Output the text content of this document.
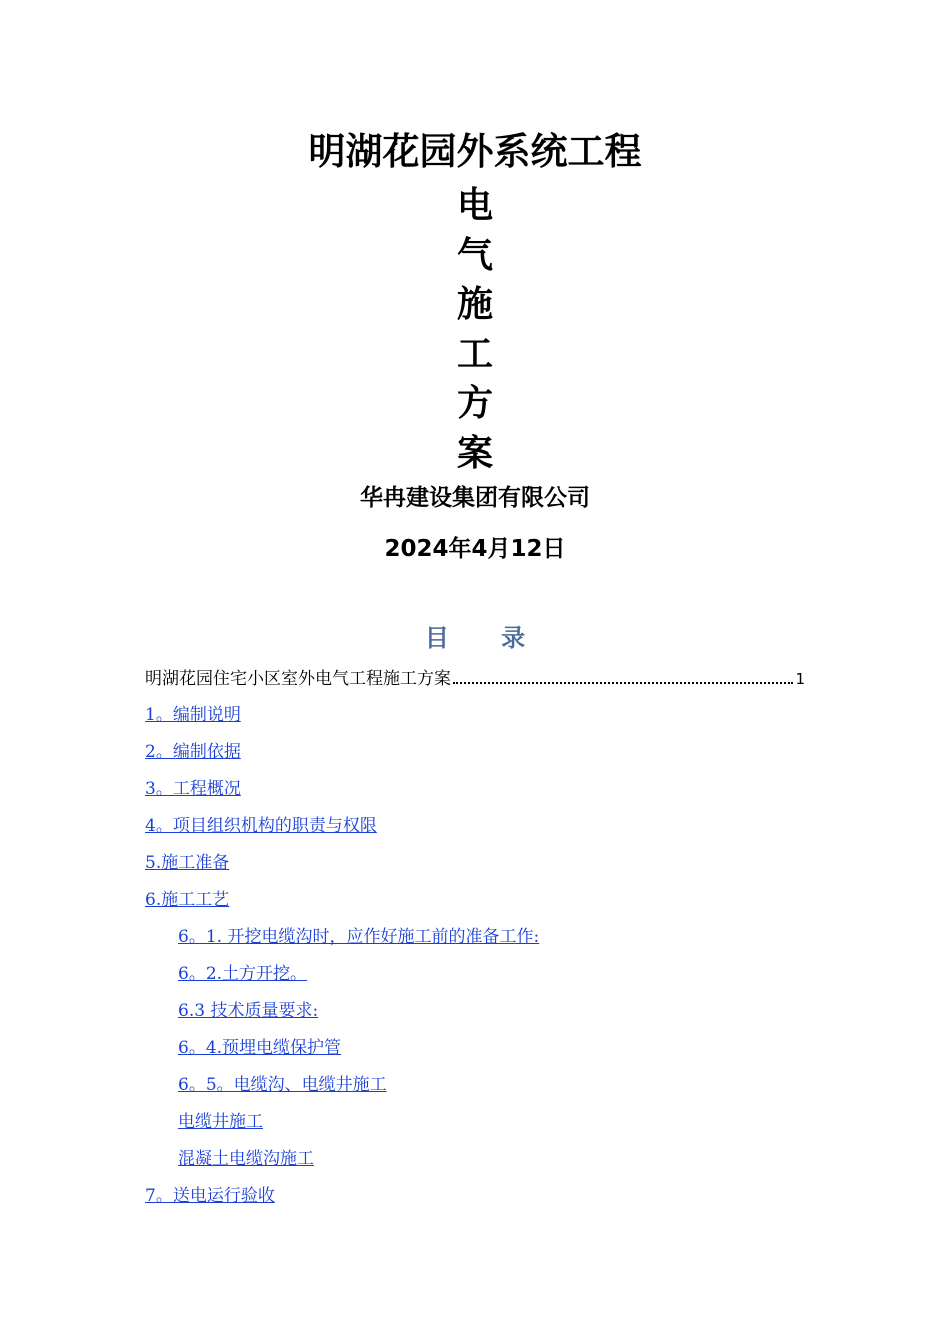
明湖花园外系统工程
电
气
施
工
方
案
华冉建设集团有限公司
2024年4月12日
目 录
明湖花园住宅小区室外电气工程施工方案	1
1。编制说明
2。编制依据
3。工程概况
4。项目组织机构的职责与权限
5.施工准备
6.施工工艺
6。1. 开挖电缆沟时，应作好施工前的准备工作:
6。2.土方开挖。
6.3 技术质量要求:
6。4.预埋电缆保护管
6。5。电缆沟、电缆井施工
电缆井施工
混凝土电缆沟施工
7。送电运行验收
